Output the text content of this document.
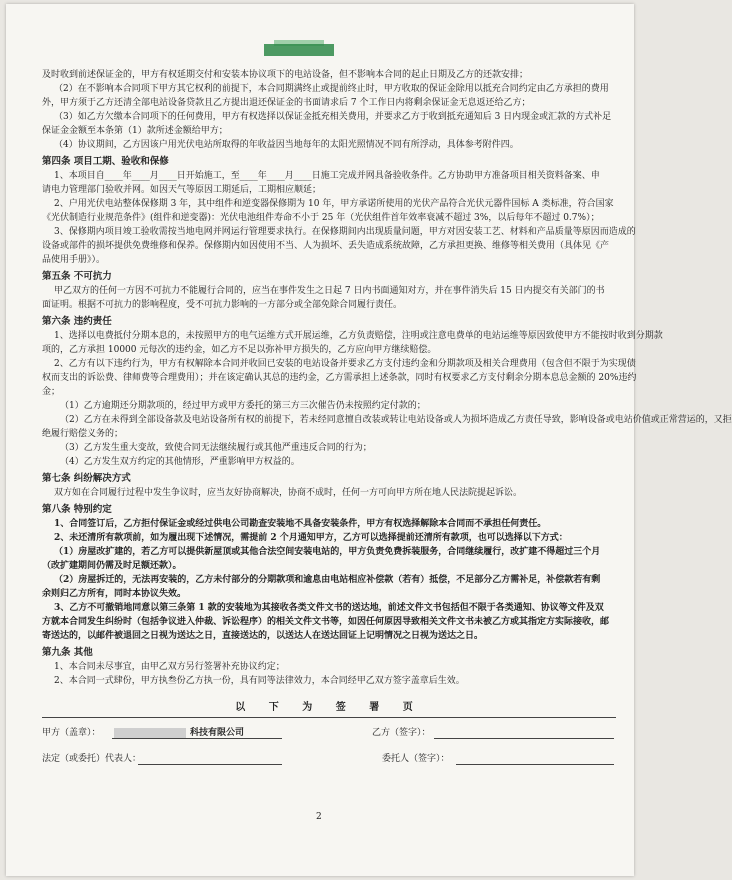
及时收到前述保证金的，甲方有权延期交付和安装本协议项下的电站设备，但不影响本合同的起止日期及乙方的还款安排；
（2）在不影响本合同项下甲方其它权利的前提下，本合同期满终止或提前终止时，甲方收取的保证金除用以抵充合同约定由乙方承担的费用
外，甲方须于乙方还清全部电站设备贷款且乙方提出退还保证金的书面请求后 7 个工作日内将剩余保证金无息返还给乙方；
（3）如乙方欠缴本合同项下的任何费用，甲方有权选择以保证金抵充相关费用，并要求乙方于收到抵充通知后 3 日内现金或汇款的方式补足
保证金金额至本条第（1）款所述金额给甲方；
（4）协议期间，乙方因该户用光伏电站所取得的年收益因当地每年的太阳光照情况不同有所浮动，具体参考附件四。
第四条 项目工期、验收和保修
1、本项目自____年____月____日开始施工，至____年____月____日施工完成并网具备验收条件。乙方协助甲方准备项目相关资料备案、申
请电力管理部门验收并网。如因天气等原因工期延后，工期相应顺延；
2、户用光伏电站整体保修期 3 年，其中组件和逆变器保修期为 10 年，甲方承诺所使用的光伏产品符合光伏元器件国标 A 类标准，符合国家
《光伏制造行业规范条件》(组件和逆变器)：光伏电池组件寿命不小于 25 年（光伏组件首年效率衰减不超过 3%，以后每年不超过 0.7%）；
3、保修期内项目竣工验收需按当地电网并网运行管理要求执行。在保修期间内出现质量问题，甲方对因安装工艺、材料和产品质量等原因而造成的
设备或部件的损坏提供免费维修和保养。保修期内如因使用不当、人为损坏、丢失造成系统故障，乙方承担更换、维修等相关费用（具体见《产
品使用手册》）。
第五条 不可抗力
甲乙双方的任何一方因不可抗力不能履行合同的，应当在事件发生之日起 7 日内书面通知对方，并在事件消失后 15 日内提交有关部门的书
面证明。根据不可抗力的影响程度，受不可抗力影响的一方部分或全部免除合同履行责任。
第六条 违约责任
1、选择以电费抵付分期本息的，未按照甲方的电气运维方式开展运维，乙方负责赔偿，注明或注意电费单的电站运维等原因致使甲方不能按时收到分期款
项的，乙方承担 10000 元每次的违约金，如乙方不足以弥补甲方损失的，乙方应向甲方继续赔偿。
2、乙方有以下违约行为，甲方有权解除本合同并收回已安装的电站设备并要求乙方支付违约金和分期款项及相关合理费用（包含但不限于为实现债
权而支出的诉讼费、律师费等合理费用）；并在该定确认其总的违约金，乙方需承担上述条款，同时有权要求乙方支付剩余分期本息总金额的 20%违约
金；
（1）乙方逾期还分期款项的，经过甲方或甲方委托的第三方三次催告仍未按照约定付款的；
（2）乙方在未得到全部设备款及电站设备所有权的前提下，若未经同意擅自改装或转让电站设备或人为损坏造成乙方责任导致，影响设备或电站价值或正常营运的，又拒
绝履行赔偿义务的；
（3）乙方发生重大变故，致使合同无法继续履行或其他严重违反合同的行为；
（4）乙方发生双方约定的其他情形，严重影响甲方权益的。
第七条 纠纷解决方式
双方如在合同履行过程中发生争议时，应当友好协商解决，协商不成时，任何一方可向甲方所在地人民法院提起诉讼。
第八条 特别约定
1、合同签订后，乙方拒付保证金或经过供电公司勘查安装地不具备安装条件，甲方有权选择解除本合同而不承担任何责任。
2、未还清所有款项前，如为履出现下述情况，需提前 2 个月通知甲方，乙方可以选择提前还清所有款项，也可以选择以下方式：
（1）房屋改扩建的，若乙方可以提供新屋顶或其他合法空间安装电站的，甲方负责免费拆装服务，合同继续履行，改扩建不得超过三个月
（改扩建期间仍需及时足额还款）。
（2）房屋拆迁的，无法再安装的，乙方未付部分的分期款项和逾息由电站相应补偿款（若有）抵偿，不足部分乙方需补足，补偿款若有剩
余则归乙方所有，同时本协议失效。
3、乙方不可撤销地同意以第三条第 1 款的安装地为其接收各类文件文书的送达地，前述文件文书包括但不限于各类通知、协议等文件及双
方就本合同发生纠纷时（包括争议进入仲裁、诉讼程序）的相关文件文书等，如因任何原因导致相关文件文书未被乙方或其指定方实际接收，邮
寄送达的，以邮件被退回之日视为送达之日，直接送达的，以送达人在送达回证上记明情况之日视为送达之日。
第九条 其他
1、本合同未尽事宜，由甲乙双方另行签署补充协议约定；
2、本合同一式肆份，甲方执叁份乙方执一份，具有同等法律效力，本合同经甲乙双方签字盖章后生效。
以 下 为 签 署 页
甲方（盖章）：	科技有限公司	乙方（签字）：
法定（或委托）代表人：	委托人（签字）：
2
